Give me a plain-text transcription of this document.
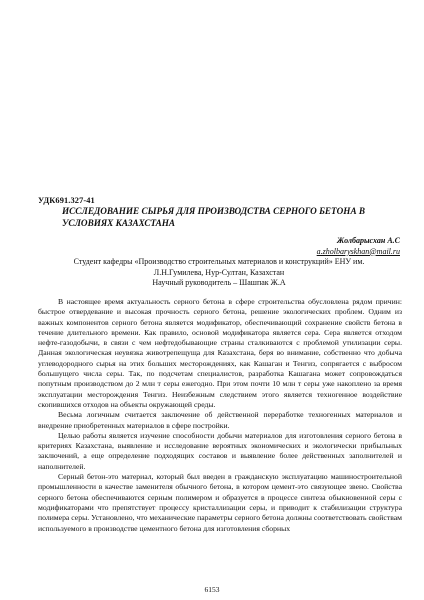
УДК691.327-41
ИССЛЕДОВАНИЕ СЫРЬЯ ДЛЯ ПРОИЗВОДСТВА СЕРНОГО БЕТОНА В УСЛОВИЯХ КАЗАХСТАНА
Жолбарысхан А.С
a.zholbaryskhan@mail.ru

Студент кафедры «Производство строительных материалов и конструкций» ЕНУ им.

Л.Н.Гумилева, Нур-Султан, Казахстан

Научный руководитель – Шашпак Ж.А

В настоящее время актуальность серного бетона в сфере строительства обусловлена рядом причин: быстрое отвердевание и высокая прочность серного бетона, решение экологических проблем. Одним из важных компонентов серного бетона является модификатор, обеспечивающий сохранение свойств бетона в течение длительного времени. Как правило, основой модификатора является сера. Сера является отходом нефте-газодобычи, в связи с чем нефтедобывающие страны сталкиваются с проблемой утилизации серы. Данная экологическая неувязка животрепещуща для Казахстана, беря во внимание, собственно что добыча углеводородного сырья на этих больших месторождениях, как Кашаган и Тенгиз, сопрягается с выбросом большущего числа серы. Так, по подсчетам специалистов, разработка Кашагана может сопровождаться попутным производством до 2 млн т серы ежегодно. При этом почти 10 млн т серы уже накоплено за время эксплуатации месторождения Тенгиз. Неизбежным следствием этого является техногенное воздействие скопившихся отходов на объекты окружающей среды.

Весьма логичным считается заключение об действенной переработке техногенных материалов и внедрение приобретенных материалов в сфере постройки.

Целью работы является изучение способности добычи материалов для изготовления серного бетона в критериях Казахстана, выявление и исследование вероятных экономических и экологически прибыльных заключений, а еще определение подходящих составов и выявление более действенных заполнителей и наполнителей.

Серный бетон-это материал, который был введен в гражданскую эксплуатацию машиностроительной промышленности в качестве заменителя обычного бетона, в котором цемент-это связующее звено. Свойства серного бетона обеспечиваются серным полимером и образуется в процессе синтеза обыкновенной серы с модификаторами что препятствует процессу кристаллизации серы, и приводит к стабилизации структура полимера серы. Установлено, что механические параметры серного бетона должны соответствовать свойствам используемого в производстве цементного бетона для изготовления сборных

6153
